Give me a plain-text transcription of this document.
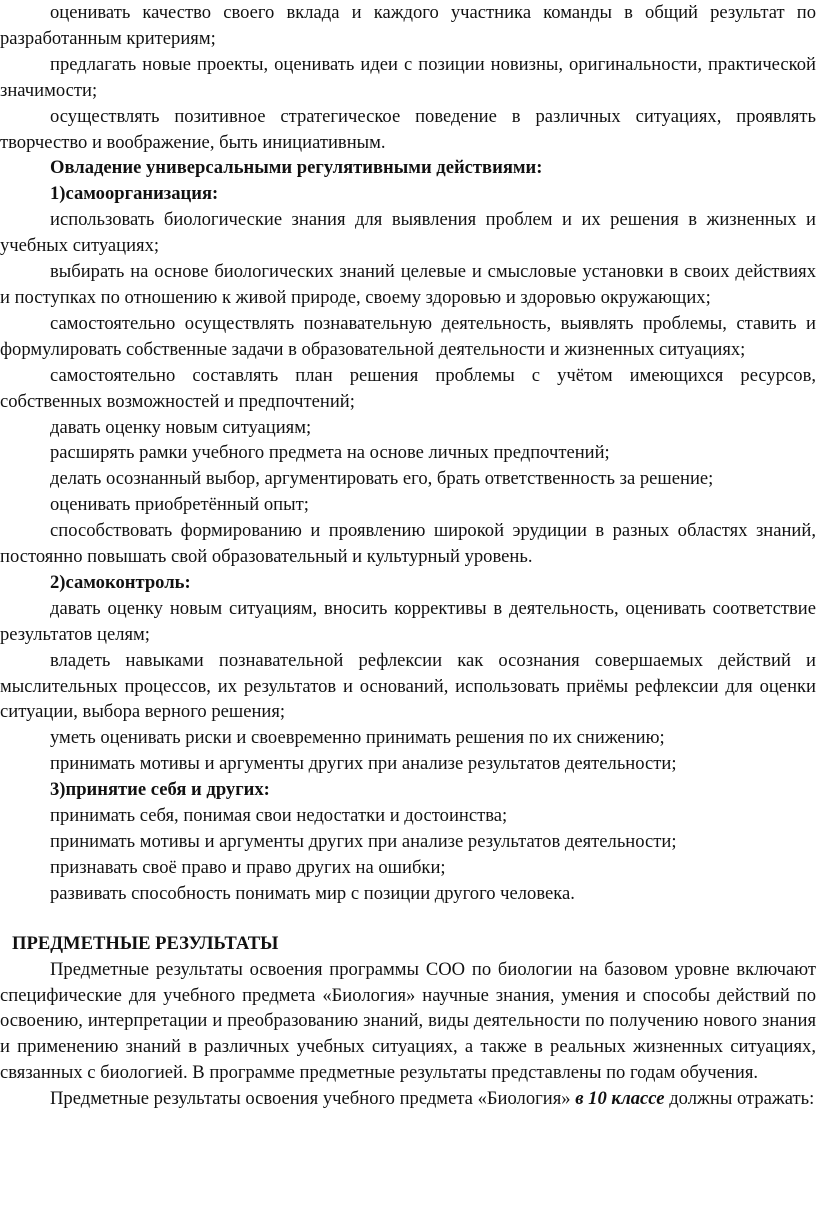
оценивать качество своего вклада и каждого участника команды в общий результат по разработанным критериям;

предлагать новые проекты, оценивать идеи с позиции новизны, оригинальности, практической значимости;

осуществлять позитивное стратегическое поведение в различных ситуациях, проявлять творчество и воображение, быть инициативным.

Овладение универсальными регулятивными действиями:

1)самоорганизация:

использовать биологические знания для выявления проблем и их решения в жизненных и учебных ситуациях;

выбирать на основе биологических знаний целевые и смысловые установки в своих действиях и поступках по отношению к живой природе, своему здоровью и здоровью окружающих;

самостоятельно осуществлять познавательную деятельность, выявлять проблемы, ставить и формулировать собственные задачи в образовательной деятельности и жизненных ситуациях;

самостоятельно составлять план решения проблемы с учётом имеющихся ресурсов, собственных возможностей и предпочтений;

давать оценку новым ситуациям;

расширять рамки учебного предмета на основе личных предпочтений;

делать осознанный выбор, аргументировать его, брать ответственность за решение;

оценивать приобретённый опыт;

способствовать формированию и проявлению широкой эрудиции в разных областях знаний, постоянно повышать свой образовательный и культурный уровень.

2)самоконтроль:

давать оценку новым ситуациям, вносить коррективы в деятельность, оценивать соответствие результатов целям;

владеть навыками познавательной рефлексии как осознания совершаемых действий и мыслительных процессов, их результатов и оснований, использовать приёмы рефлексии для оценки ситуации, выбора верного решения;

уметь оценивать риски и своевременно принимать решения по их снижению;

принимать мотивы и аргументы других при анализе результатов деятельности;

3)принятие себя и других:

принимать себя, понимая свои недостатки и достоинства;

принимать мотивы и аргументы других при анализе результатов деятельности;

признавать своё право и право других на ошибки;

развивать способность понимать мир с позиции другого человека.

ПРЕДМЕТНЫЕ РЕЗУЛЬТАТЫ

Предметные результаты освоения программы СОО по биологии на базовом уровне включают специфические для учебного предмета «Биология» научные знания, умения и способы действий по освоению, интерпретации и преобразованию знаний, виды деятельности по получению нового знания и применению знаний в различных учебных ситуациях, а также в реальных жизненных ситуациях, связанных с биологией. В программе предметные результаты представлены по годам обучения.

Предметные результаты освоения учебного предмета «Биология» в 10 классе должны отражать:
